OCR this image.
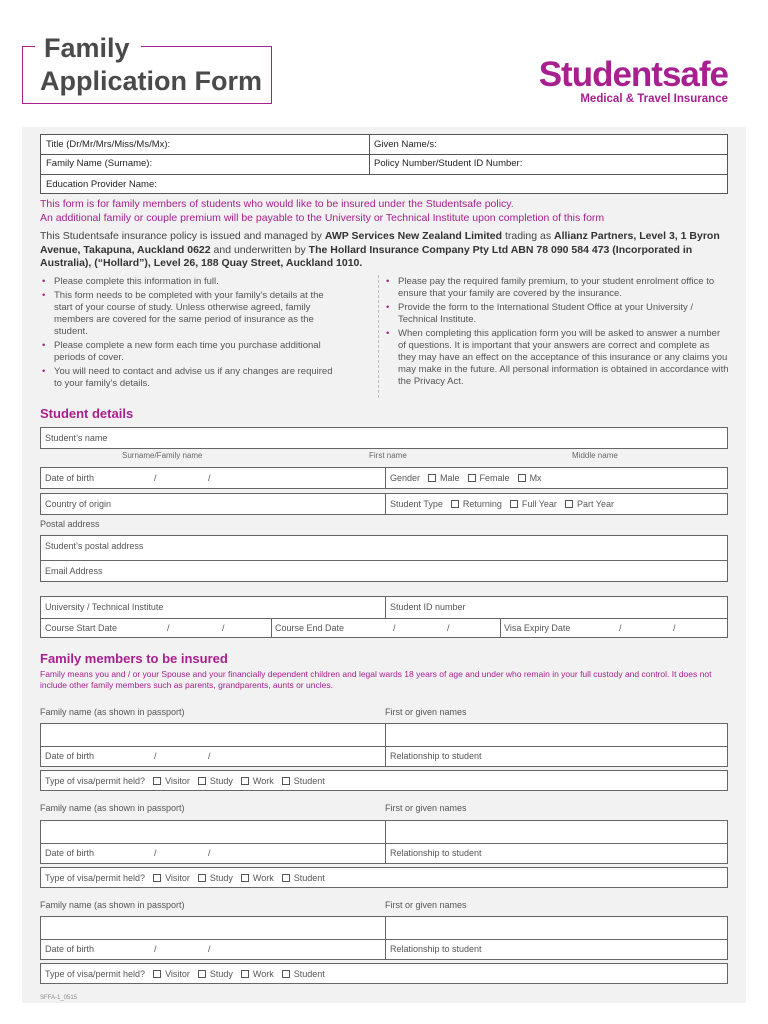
Family
Application Form	Studentsafe
Medical & Travel Insurance
Title (Dr/Mr/Mrs/Miss/Ms/Mx):	Given Name/s:
Family Name (Surname):	Policy Number/Student ID Number:
Education Provider Name:
This form is for family members of students who would like to be insured under the Studentsafe policy.
An additional family or couple premium will be payable to the University or Technical Institute upon completion of this form
This Studentsafe insurance policy is issued and managed by AWP Services New Zealand Limited trading as Allianz Partners, Level 3, 1 Byron Avenue, Takapuna, Auckland 0622 and underwritten by The Hollard Insurance Company Pty Ltd ABN 78 090 584 473 (Incorporated in Australia), (“Hollard”), Level 26, 188 Quay Street, Auckland 1010.
• Please complete this information in full.
• This form needs to be completed with your family’s details at the start of your course of study. Unless otherwise agreed, family members are covered for the same period of insurance as the student.
• Please complete a new form each time you purchase additional periods of cover.
• You will need to contact and advise us if any changes are required to your family’s details.
• Please pay the required family premium, to your student enrolment office to ensure that your family are covered by the insurance.
• Provide the form to the International Student Office at your University / Technical Institute.
• When completing this application form you will be asked to answer a number of questions. It is important that your answers are correct and complete as they may have an effect on the acceptance of this insurance or any claims you may make in the future. All personal information is obtained in accordance with the Privacy Act.
Student details
Student’s name
Surname/Family name	First name	Middle name
Date of birth	/	/	Gender Male Female Mx
Country of origin	Student Type Returning Full Year Part Year
Postal address
Student’s postal address
Email Address
University / Technical Institute	Student ID number
Course Start Date	/	/	Course End Date	/	/	Visa Expiry Date	/	/
Family members to be insured
Family means you and / or your Spouse and your financially dependent children and legal wards 18 years of age and under who remain in your full custody and control. It does not include other family members such as parents, grandparents, aunts or uncles.
Family name (as shown in passport)	First or given names
Date of birth	/	/	Relationship to student
Type of visa/permit held? Visitor Study Work Student
Family name (as shown in passport)	First or given names
Date of birth	/	/	Relationship to student
Type of visa/permit held? Visitor Study Work Student
Family name (as shown in passport)	First or given names
Date of birth	/	/	Relationship to student
Type of visa/permit held? Visitor Study Work Student
SFFA-1_0515
